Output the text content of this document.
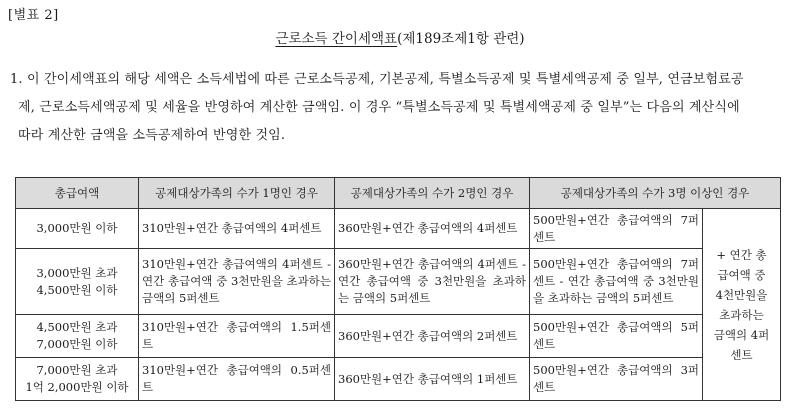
[별표 2]
근로소득 간이세액표(제189조제1항 관련)
1. 이 간이세액표의 해당 세액은 소득세법에 따른 근로소득공제, 기본공제, 특별소득공제 및 특별세액공제 중 일부, 연금보험료공
제, 근로소득세액공제 및 세율을 반영하여 계산한 금액임. 이 경우 “특별소득공제 및 특별세액공제 중 일부”는 다음의 계산식에
따라 계산한 금액을 소득공제하여 반영한 것임.
총급여액	공제대상가족의 수가 1명인 경우	공제대상가족의 수가 2명인 경우	공제대상가족의 수가 3명 이상인 경우	

3,000만원 이하	310만원+연간 총급여액의 4퍼센트	360만원+연간 총급여액의 4퍼센트	500만원+연간 총급여액의 7퍼센트	+ 연간 총급여액 중 4천만원을 초과하는 금액의 4퍼센트

3,000만원 초과
4,500만원 이하	310만원+연간 총급여액의 4퍼센트 - 연간 총급여액 중 3천만원을 초과하는 금액의 5퍼센트	360만원+연간 총급여액의 4퍼센트 - 연간 총급여액 중 3천만원을 초과하는 금액의 5퍼센트	500만원+연간 총급여액의 7퍼센트 - 연간 총급여액 중 3천만원을 초과하는 금액의 5퍼센트	

4,500만원 초과
7,000만원 이하	310만원+연간 총급여액의 1.5퍼센트	360만원+연간 총급여액의 2퍼센트	500만원+연간 총급여액의 5퍼센트	

7,000만원 초과
1억 2,000만원 이하	310만원+연간 총급여액의 0.5퍼센트	360만원+연간 총급여액의 1퍼센트	500만원+연간 총급여액의 3퍼센트	
